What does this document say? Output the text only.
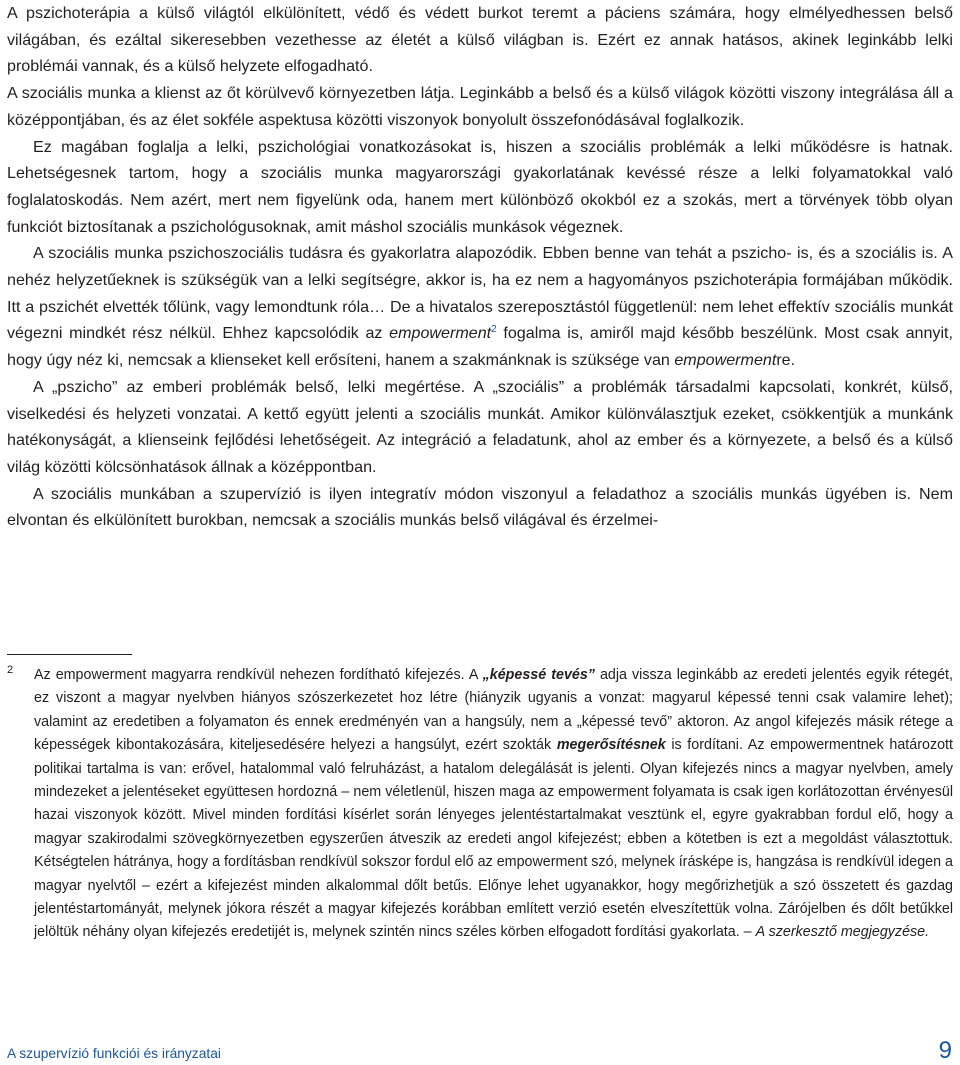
A pszichoterápia a külső világtól elkülönített, védő és védett burkot teremt a páciens számára, hogy elmélyedhessen belső világában, és ezáltal sikeresebben vezethesse az életét a külső világban is. Ezért ez annak hatásos, akinek leginkább lelki problémái vannak, és a külső helyzete elfogadható.

A szociális munka a klienst az őt körülvevő környezetben látja. Leginkább a belső és a külső világok közötti viszony integrálása áll a középpontjában, és az élet sokféle aspektusa közötti viszonyok bonyolult összefonódásával foglalkozik.

Ez magában foglalja a lelki, pszichológiai vonatkozásokat is, hiszen a szociális problémák a lelki működésre is hatnak. Lehetségesnek tartom, hogy a szociális munka magyarországi gyakorlatának kevéssé része a lelki folyamatokkal való foglalatoskodás. Nem azért, mert nem figyelünk oda, hanem mert különböző okokból ez a szokás, mert a törvények több olyan funkciót biztosítanak a pszichológusoknak, amit máshol szociális munkások végeznek.

A szociális munka pszichoszociális tudásra és gyakorlatra alapozódik. Ebben benne van tehát a pszicho- is, és a szociális is. A nehéz helyzetűeknek is szükségük van a lelki segítségre, akkor is, ha ez nem a hagyományos pszichoterápia formájában működik. Itt a pszichét elvették tőlünk, vagy lemondtunk róla… De a hivatalos szereposztástól függetlenül: nem lehet effektív szociális munkát végezni mindkét rész nélkül. Ehhez kapcsolódik az empowerment$^2$ fogalma is, amiről majd később beszélünk. Most csak annyit, hogy úgy néz ki, nemcsak a klienseket kell erősíteni, hanem a szakmánknak is szüksége van empowermentre.

A „pszicho” az emberi problémák belső, lelki megértése. A „szociális” a problémák társadalmi kapcsolati, konkrét, külső, viselkedési és helyzeti vonzatai. A kettő együtt jelenti a szociális munkát. Amikor különválasztjuk ezeket, csökkentjük a munkánk hatékonyságát, a klienseink fejlődési lehetőségeit. Az integráció a feladatunk, ahol az ember és a környezete, a belső és a külső világ közötti kölcsönhatások állnak a középpontban.

A szociális munkában a szupervízió is ilyen integratív módon viszonyul a feladathoz a szociális munkás ügyében is. Nem elvontan és elkülönített burokban, nemcsak a szociális munkás belső világával és érzelmei-

2 Az empowerment magyarra rendkívül nehezen fordítható kifejezés. A „képessé tevés” adja vissza leginkább az eredeti jelentés egyik rétegét, ez viszont a magyar nyelvben hiányos szószerkezetet hoz létre (hiányzik ugyanis a vonzat: magyarul képessé tenni csak valamire lehet); valamint az eredetiben a folyamaton és ennek eredményén van a hangsúly, nem a „képessé tevő” aktoron. Az angol kifejezés másik rétege a képességek kibontakozására, kiteljesedésére helyezi a hangsúlyt, ezért szokták megerősítésnek is fordítani. Az empowermentnek határozott politikai tartalma is van: erővel, hatalommal való felruházást, a hatalom delegálását is jelenti. Olyan kifejezés nincs a magyar nyelvben, amely mindezeket a jelentéseket együttesen hordozná – nem véletlenül, hiszen maga az empowerment folyamata is csak igen korlátozottan érvényesül hazai viszonyok között. Mivel minden fordítási kísérlet során lényeges jelentéstartalmakat vesztünk el, egyre gyakrabban fordul elő, hogy a magyar szakirodalmi szövegkörnyezetben egyszerűen átveszik az eredeti angol kifejezést; ebben a kötetben is ezt a megoldást választottuk. Kétségtelen hátránya, hogy a fordításban rendkívül sokszor fordul elő az empowerment szó, melynek írásképe is, hangzása is rendkívül idegen a magyar nyelvtől – ezért a kifejezést minden alkalommal dőlt betűs. Előnye lehet ugyanakkor, hogy megőrizhetjük a szó összetett és gazdag jelentéstartományát, melynek jókora részét a magyar kifejezés korábban említett verzió esetén elveszítettük volna. Zárójelben és dőlt betűkkel jelöltük néhány olyan kifejezés eredetijét is, melynek szintén nincs széles körben elfogadott fordítási gyakorlata. – A szerkesztő megjegyzése.
A szupervízió funkciói és irányzatai	9
